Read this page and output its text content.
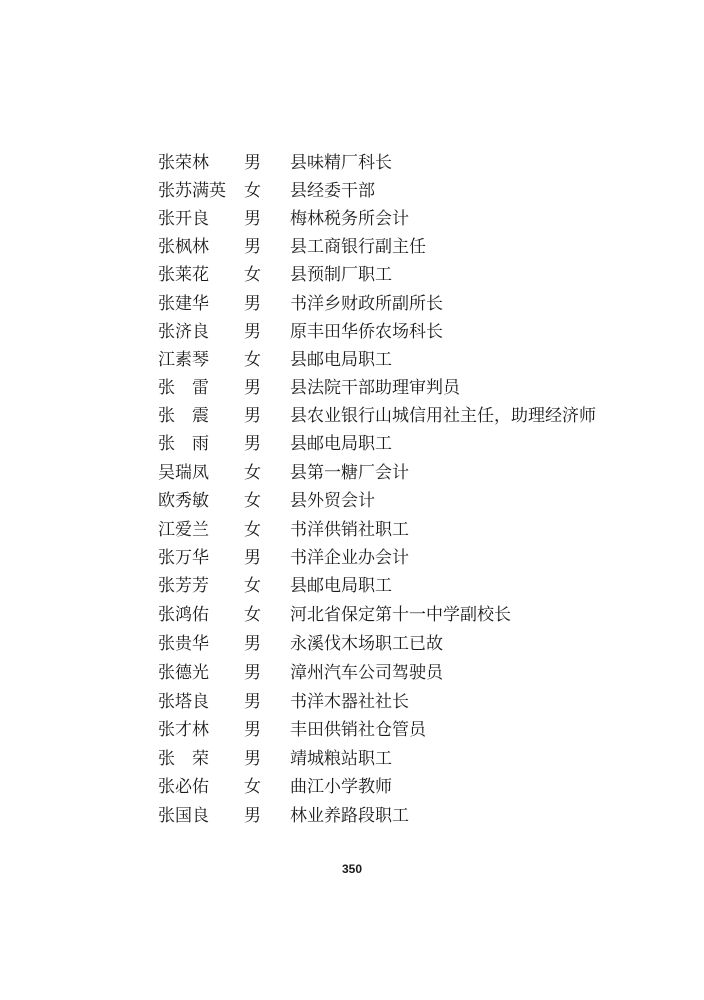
张荣林 男 县味精厂科长
张苏满英 女 县经委干部
张开良 男 梅林税务所会计
张枫林 男 县工商银行副主任
张莱花 女 县预制厂职工
张建华 男 书洋乡财政所副所长
张济良 男 原丰田华侨农场科长
江素琴 女 县邮电局职工
张　雷 男 县法院干部助理审判员
张　震 男 县农业银行山城信用社主任，助理经济师
张　雨 男 县邮电局职工
吴瑞凤 女 县第一糖厂会计
欧秀敏 女 县外贸会计
江爱兰 女 书洋供销社职工
张万华 男 书洋企业办会计
张芳芳 女 县邮电局职工
张鸿佑 女 河北省保定第十一中学副校长
张贵华 男 永溪伐木场职工已故
张德光 男 漳州汽车公司驾驶员
张塔良 男 书洋木器社社长
张才林 男 丰田供销社仓管员
张　荣 男 靖城粮站职工
张必佑 女 曲江小学教师
张国良 男 林业养路段职工
350
